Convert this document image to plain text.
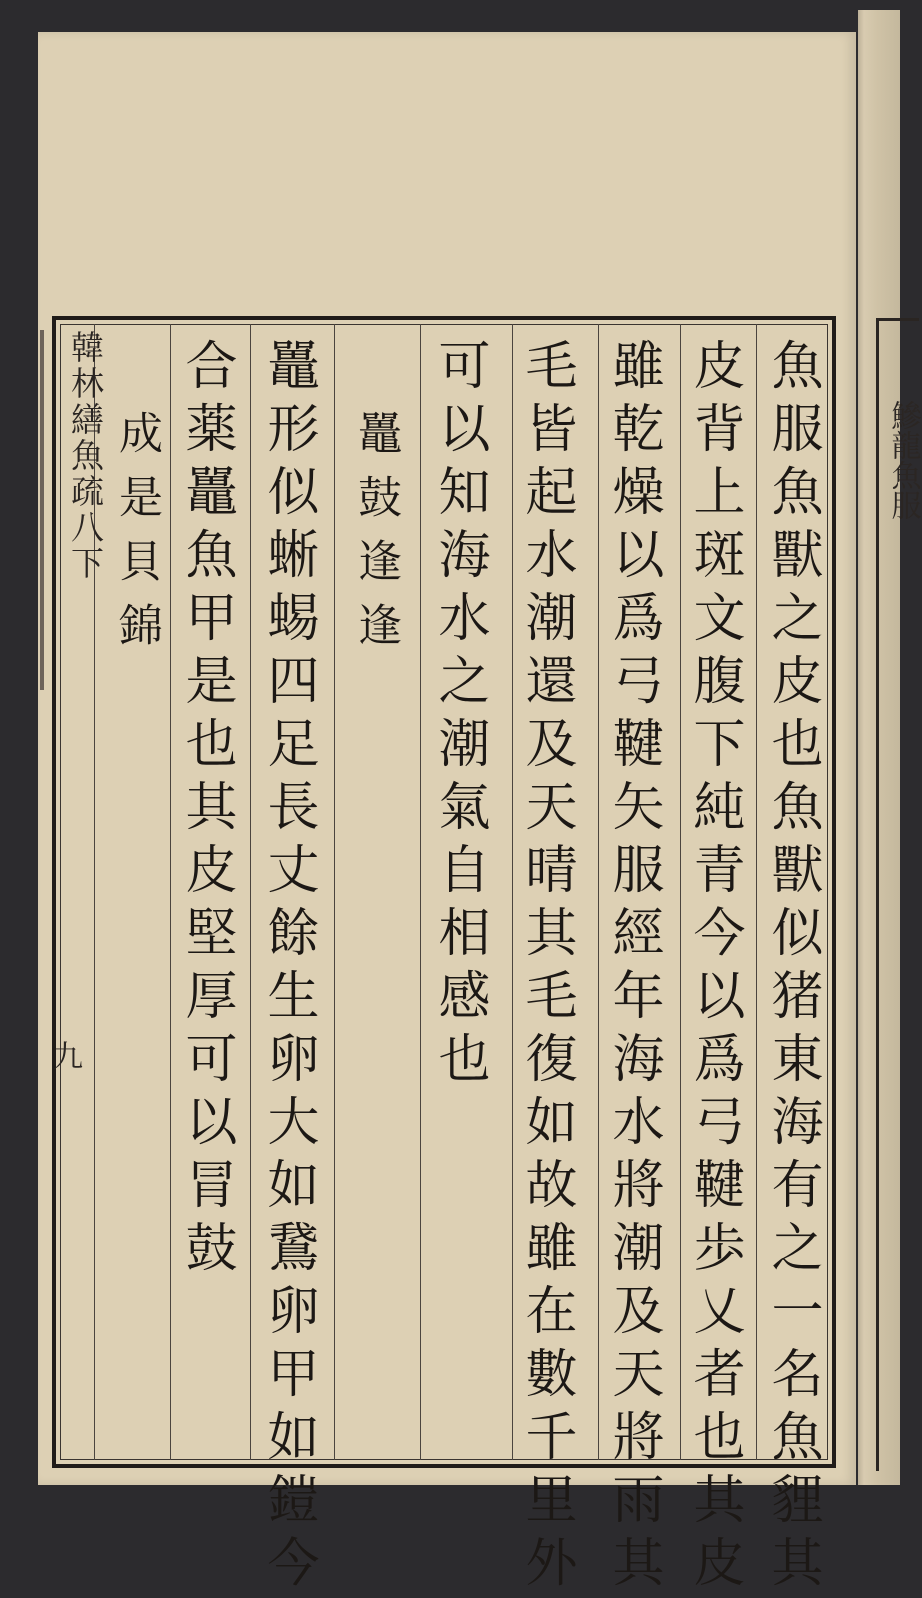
鰺龍魚服
韓林繕魚疏八下
九	魚服魚獸之皮也魚獸似猪東海有之一名魚貍其
皮背上斑文腹下純青今以爲弓鞬歩乂者也其皮
雖乾燥以爲弓鞬矢服經年海水將潮及天將雨其
毛皆起水潮還及天晴其毛復如故雖在數千里外
可以知海水之潮氣自相感也
鼉鼓逢逢
鼉形似蜥蜴四足長丈餘生卵大如鵞卵甲如鎧今
合薬鼉魚甲是也其皮堅厚可以冐鼓
成是貝錦
